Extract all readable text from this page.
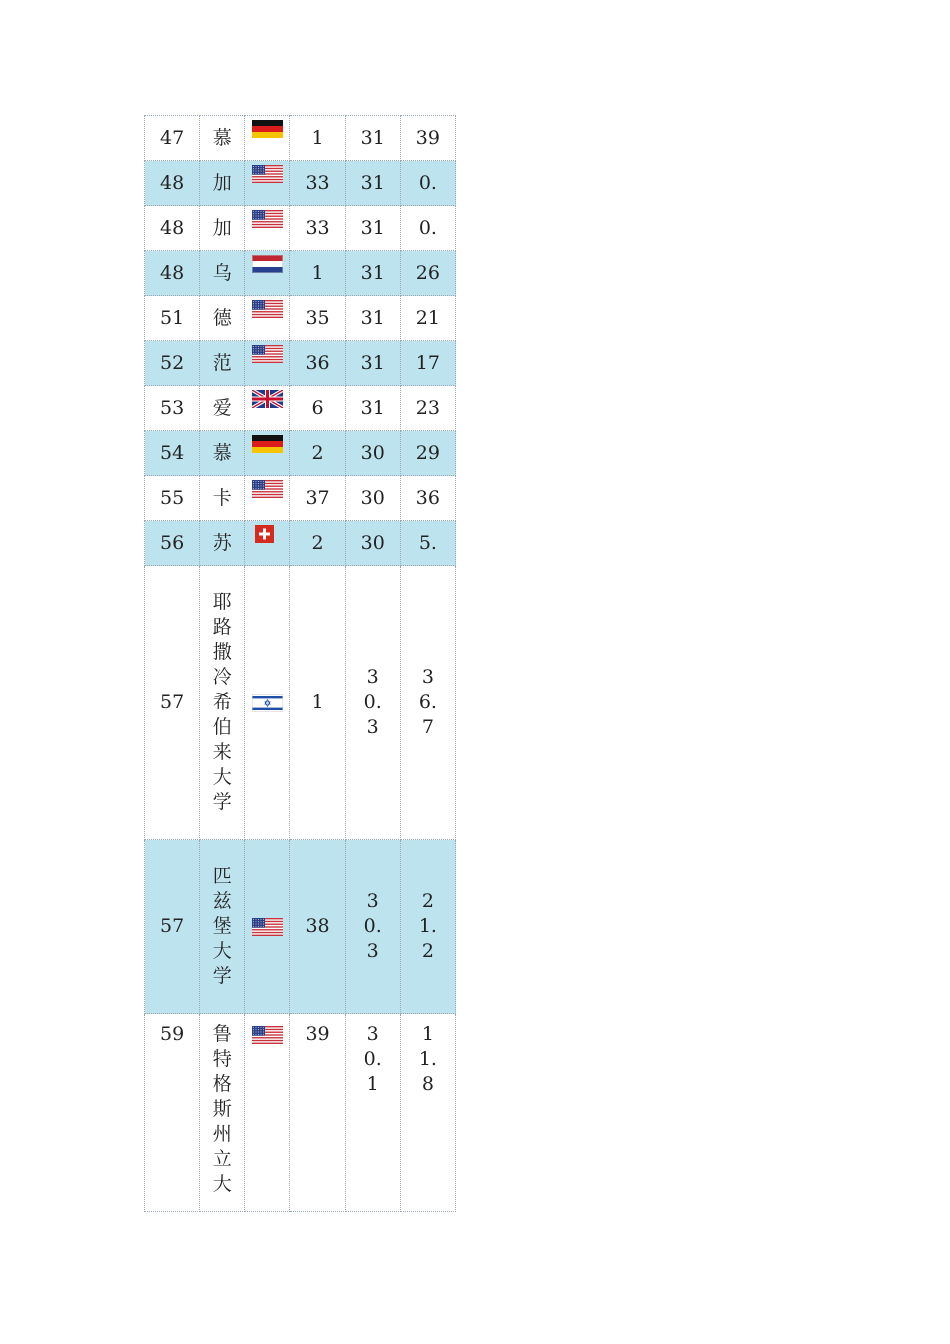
47	慕		1	31	39
48	加		33	31	0.
48	加		33	31	0.
48	乌		1	31	26
51	德		35	31	21
52	范		36	31	17
53	爱		6	31	23
54	慕		2	30	29
55	卡		37	30	36
56	苏		2	30	5.
57	耶路撒冷希伯来大学		1	30.3	36.7
57	匹兹堡大学		38	30.3	21.2
59	鲁特格斯州立大		39	30.1	11.8
